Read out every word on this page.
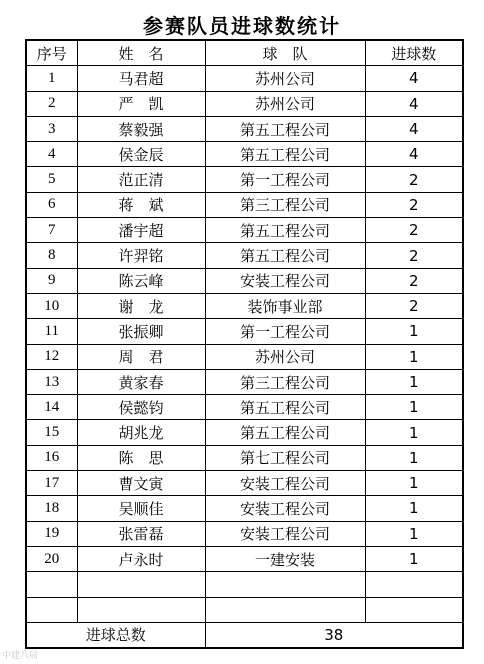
参赛队员进球数统计
序号	姓　名	球　队	进球数
1	马君超	苏州公司	4
2	严　凯	苏州公司	4
3	蔡毅强	第五工程公司	4
4	侯金辰	第五工程公司	4
5	范正清	第一工程公司	2
6	蒋　斌	第三工程公司	2
7	潘宇超	第五工程公司	2
8	许羿铭	第五工程公司	2
9	陈云峰	安装工程公司	2
10	谢　龙	装饰事业部	2
11	张振卿	第一工程公司	1
12	周　君	苏州公司	1
13	黄家春	第三工程公司	1
14	侯懿钧	第五工程公司	1
15	胡兆龙	第五工程公司	1
16	陈　思	第七工程公司	1
17	曹文寅	安装工程公司	1
18	吴顺佳	安装工程公司	1
19	张雷磊	安装工程公司	1
20	卢永时	一建安装	1

进球总数		38	
中建八局
